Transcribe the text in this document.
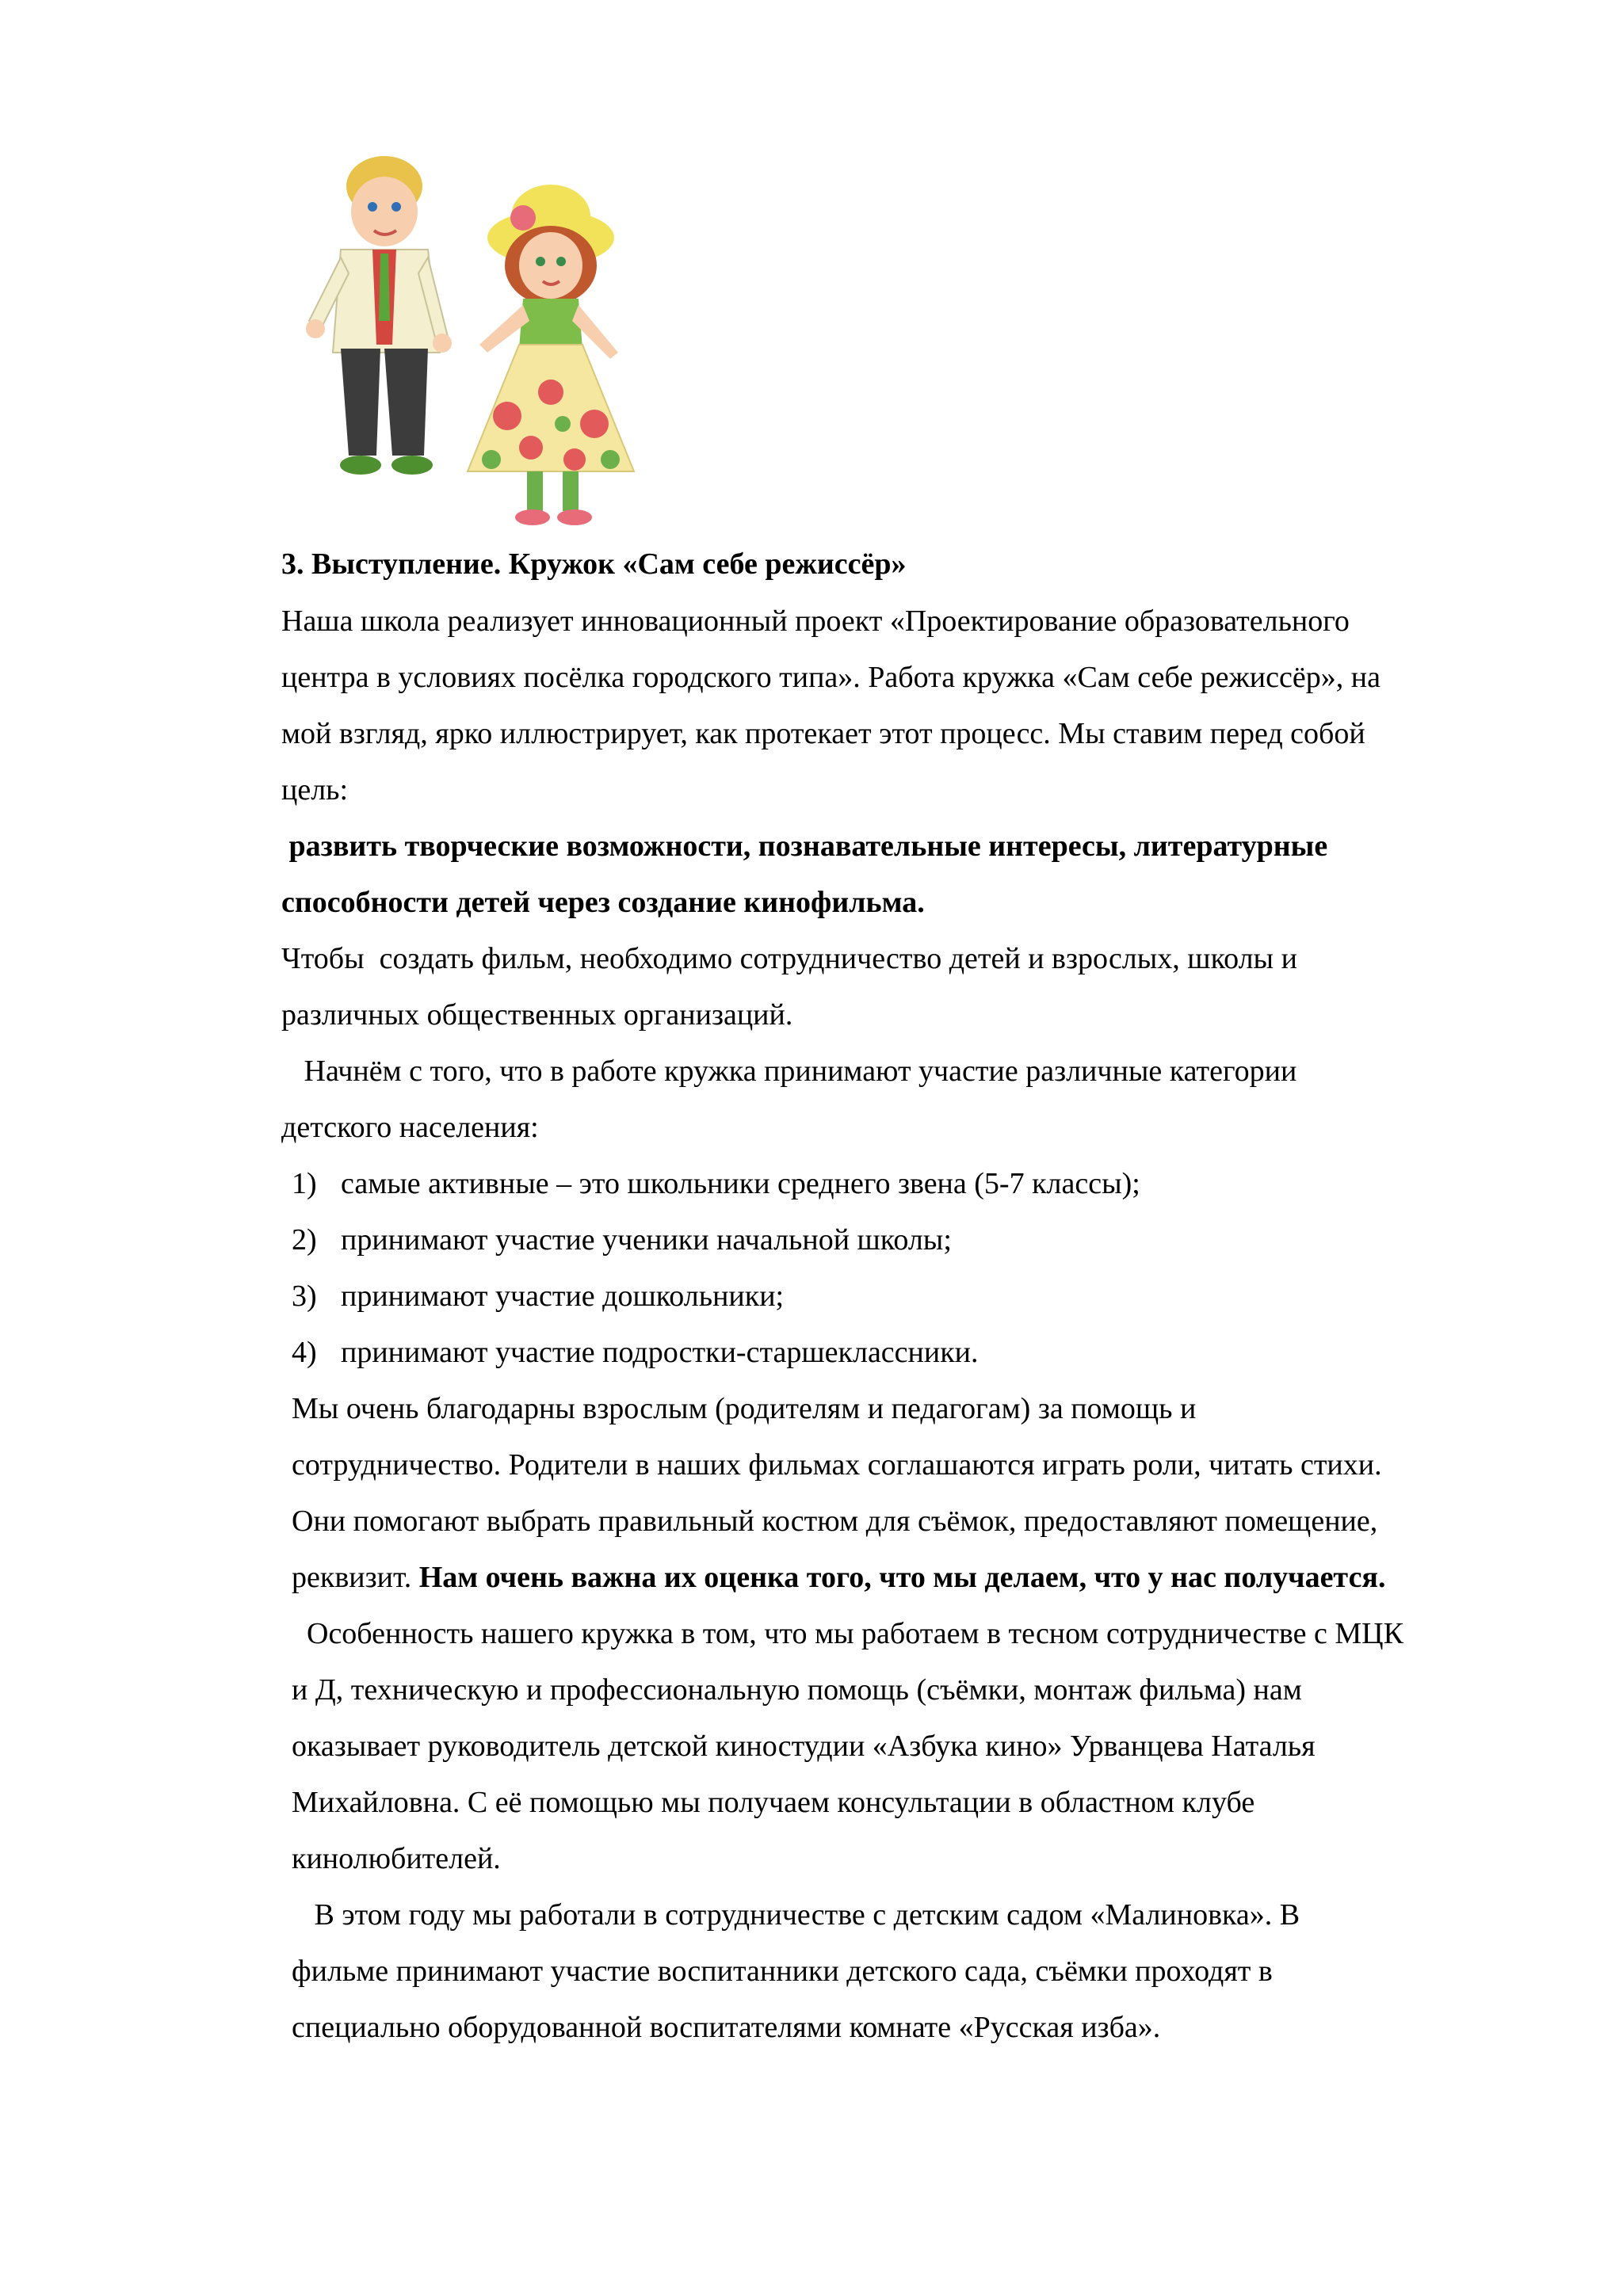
3. Выступление. Кружок «Сам себе режиссёр»
Наша школа реализует инновационный проект «Проектирование образовательного
центра в условиях посёлка городского типа». Работа кружка «Сам себе режиссёр», на
мой взгляд, ярко иллюстрирует, как протекает этот процесс. Мы ставим перед собой
цель:
развить творческие возможности, познавательные интересы, литературные
способности детей через создание кинофильма.
Чтобы  создать фильм, необходимо сотрудничество детей и взрослых, школы и
различных общественных организаций.
Начнём с того, что в работе кружка принимают участие различные категории
детского населения:
1) самые активные – это школьники среднего звена (5-7 классы);
2) принимают участие ученики начальной школы;
3) принимают участие дошкольники;
4) принимают участие подростки-старшеклассники.
Мы очень благодарны взрослым (родителям и педагогам) за помощь и
сотрудничество. Родители в наших фильмах соглашаются играть роли, читать стихи.
Они помогают выбрать правильный костюм для съёмок, предоставляют помещение,
реквизит. Нам очень важна их оценка того, что мы делаем, что у нас получается.
Особенность нашего кружка в том, что мы работаем в тесном сотрудничестве с МЦК
и Д, техническую и профессиональную помощь (съёмки, монтаж фильма) нам
оказывает руководитель детской киностудии «Азбука кино» Урванцева Наталья
Михайловна. С её помощью мы получаем консультации в областном клубе
кинолюбителей.
В этом году мы работали в сотрудничестве с детским садом «Малиновка». В
фильме принимают участие воспитанники детского сада, съёмки проходят в
специально оборудованной воспитателями комнате «Русская изба».
